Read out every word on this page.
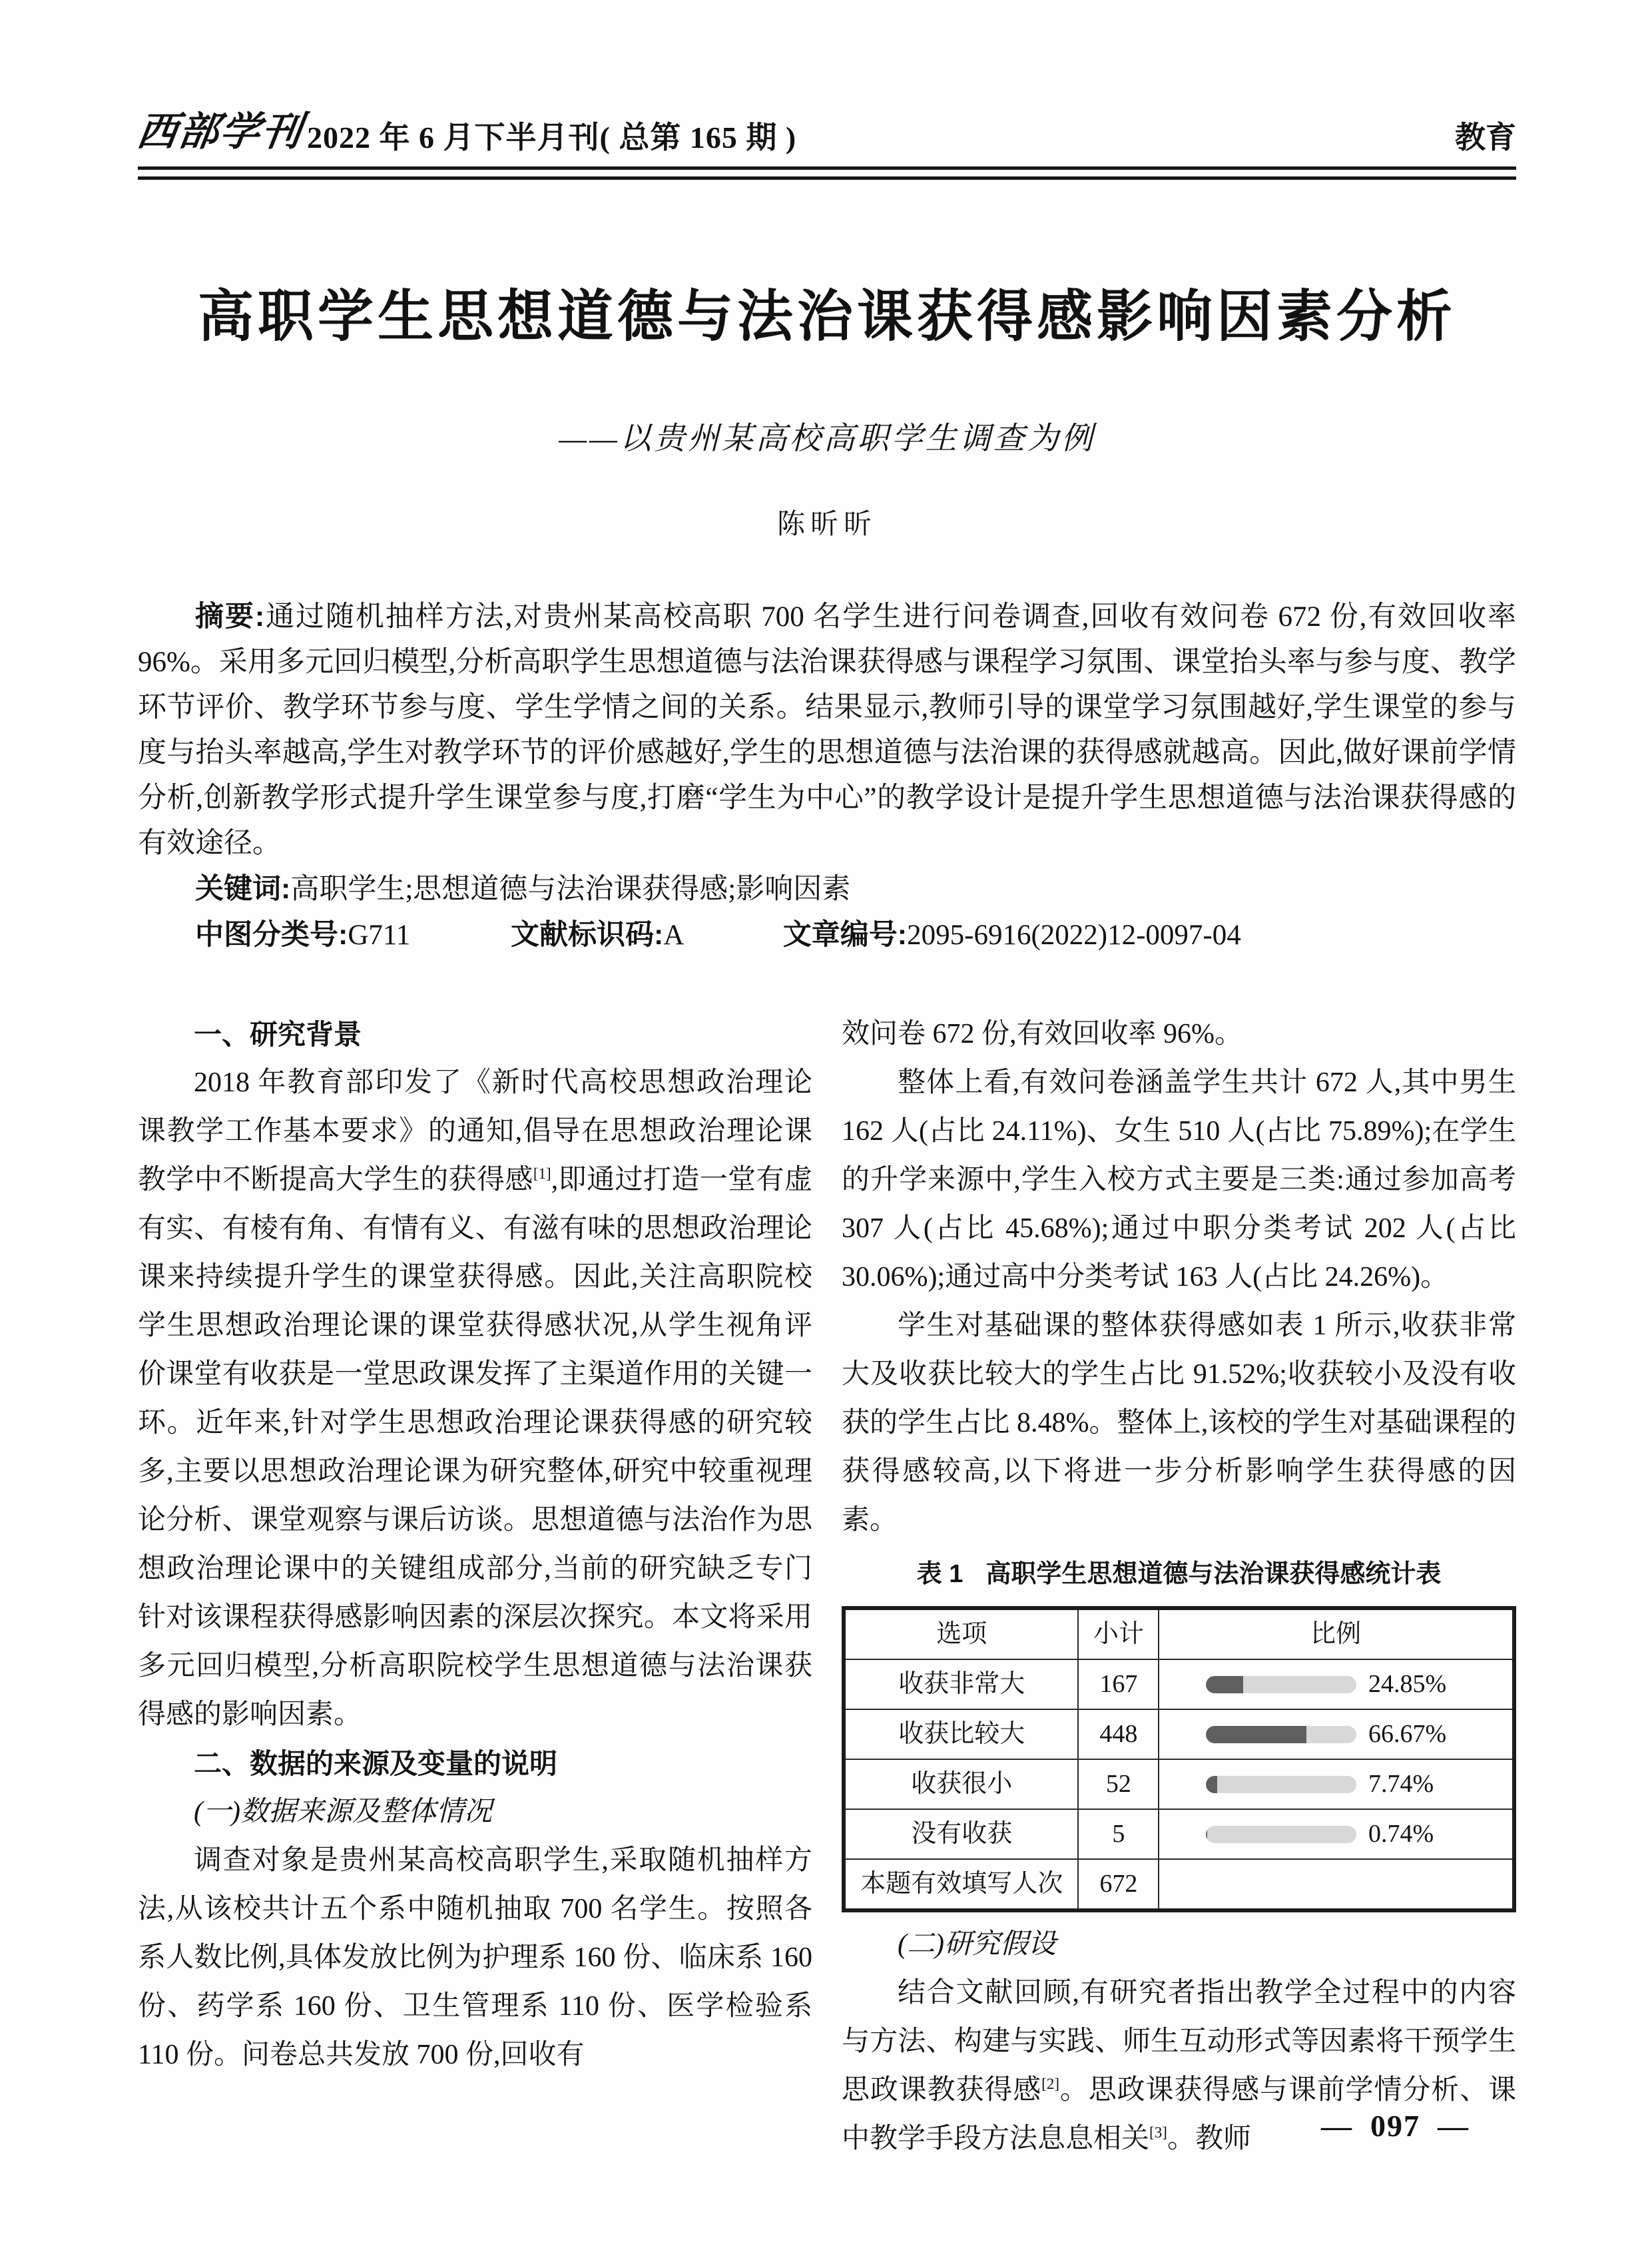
西部学刊 2022 年 6 月下半月刊( 总第 165 期 )	教育
高职学生思想道德与法治课获得感影响因素分析
——以贵州某高校高职学生调查为例
陈昕昕

摘要:通过随机抽样方法,对贵州某高校高职 700 名学生进行问卷调查,回收有效问卷 672 份,有效回收率 96%。采用多元回归模型,分析高职学生思想道德与法治课获得感与课程学习氛围、课堂抬头率与参与度、教学环节评价、教学环节参与度、学生学情之间的关系。结果显示,教师引导的课堂学习氛围越好,学生课堂的参与度与抬头率越高,学生对教学环节的评价感越好,学生的思想道德与法治课的获得感就越高。因此,做好课前学情分析,创新教学形式提升学生课堂参与度,打磨“学生为中心”的教学设计是提升学生思想道德与法治课获得感的有效途径。

关键词:高职学生;思想道德与法治课获得感;影响因素

中图分类号:G711	文献标识码:A	文章编号:2095-6916(2022)12-0097-04

一、研究背景

2018 年教育部印发了《新时代高校思想政治理论课教学工作基本要求》的通知,倡导在思想政治理论课教学中不断提高大学生的获得感[1],即通过打造一堂有虚有实、有棱有角、有情有义、有滋有味的思想政治理论课来持续提升学生的课堂获得感。因此,关注高职院校学生思想政治理论课的课堂获得感状况,从学生视角评价课堂有收获是一堂思政课发挥了主渠道作用的关键一环。近年来,针对学生思想政治理论课获得感的研究较多,主要以思想政治理论课为研究整体,研究中较重视理论分析、课堂观察与课后访谈。思想道德与法治作为思想政治理论课中的关键组成部分,当前的研究缺乏专门针对该课程获得感影响因素的深层次探究。本文将采用多元回归模型,分析高职院校学生思想道德与法治课获得感的影响因素。

二、数据的来源及变量的说明

(一)数据来源及整体情况

调查对象是贵州某高校高职学生,采取随机抽样方法,从该校共计五个系中随机抽取 700 名学生。按照各系人数比例,具体发放比例为护理系 160 份、临床系 160 份、药学系 160 份、卫生管理系 110 份、医学检验系 110 份。问卷总共发放 700 份,回收有

效问卷 672 份,有效回收率 96%。

整体上看,有效问卷涵盖学生共计 672 人,其中男生 162 人(占比 24.11%)、女生 510 人(占比 75.89%);在学生的升学来源中,学生入校方式主要是三类:通过参加高考 307 人(占比 45.68%);通过中职分类考试 202 人(占比 30.06%);通过高中分类考试 163 人(占比 24.26%)。

学生对基础课的整体获得感如表 1 所示,收获非常大及收获比较大的学生占比 91.52%;收获较小及没有收获的学生占比 8.48%。整体上,该校的学生对基础课程的获得感较高,以下将进一步分析影响学生获得感的因素。

表 1 高职学生思想道德与法治课获得感统计表
选项	小计	比例
收获非常大	167	24.85%

收获比较大	448	66.67%

收获很小	52	7.74%

没有收获	5	0.74%

本题有效填写人次	672	

(二)研究假设

结合文献回顾,有研究者指出教学全过程中的内容与方法、构建与实践、师生互动形式等因素将干预学生思政课教获得感[2]。思政课获得感与课前学情分析、课中教学手段方法息息相关[3]。教师	— 097 —
